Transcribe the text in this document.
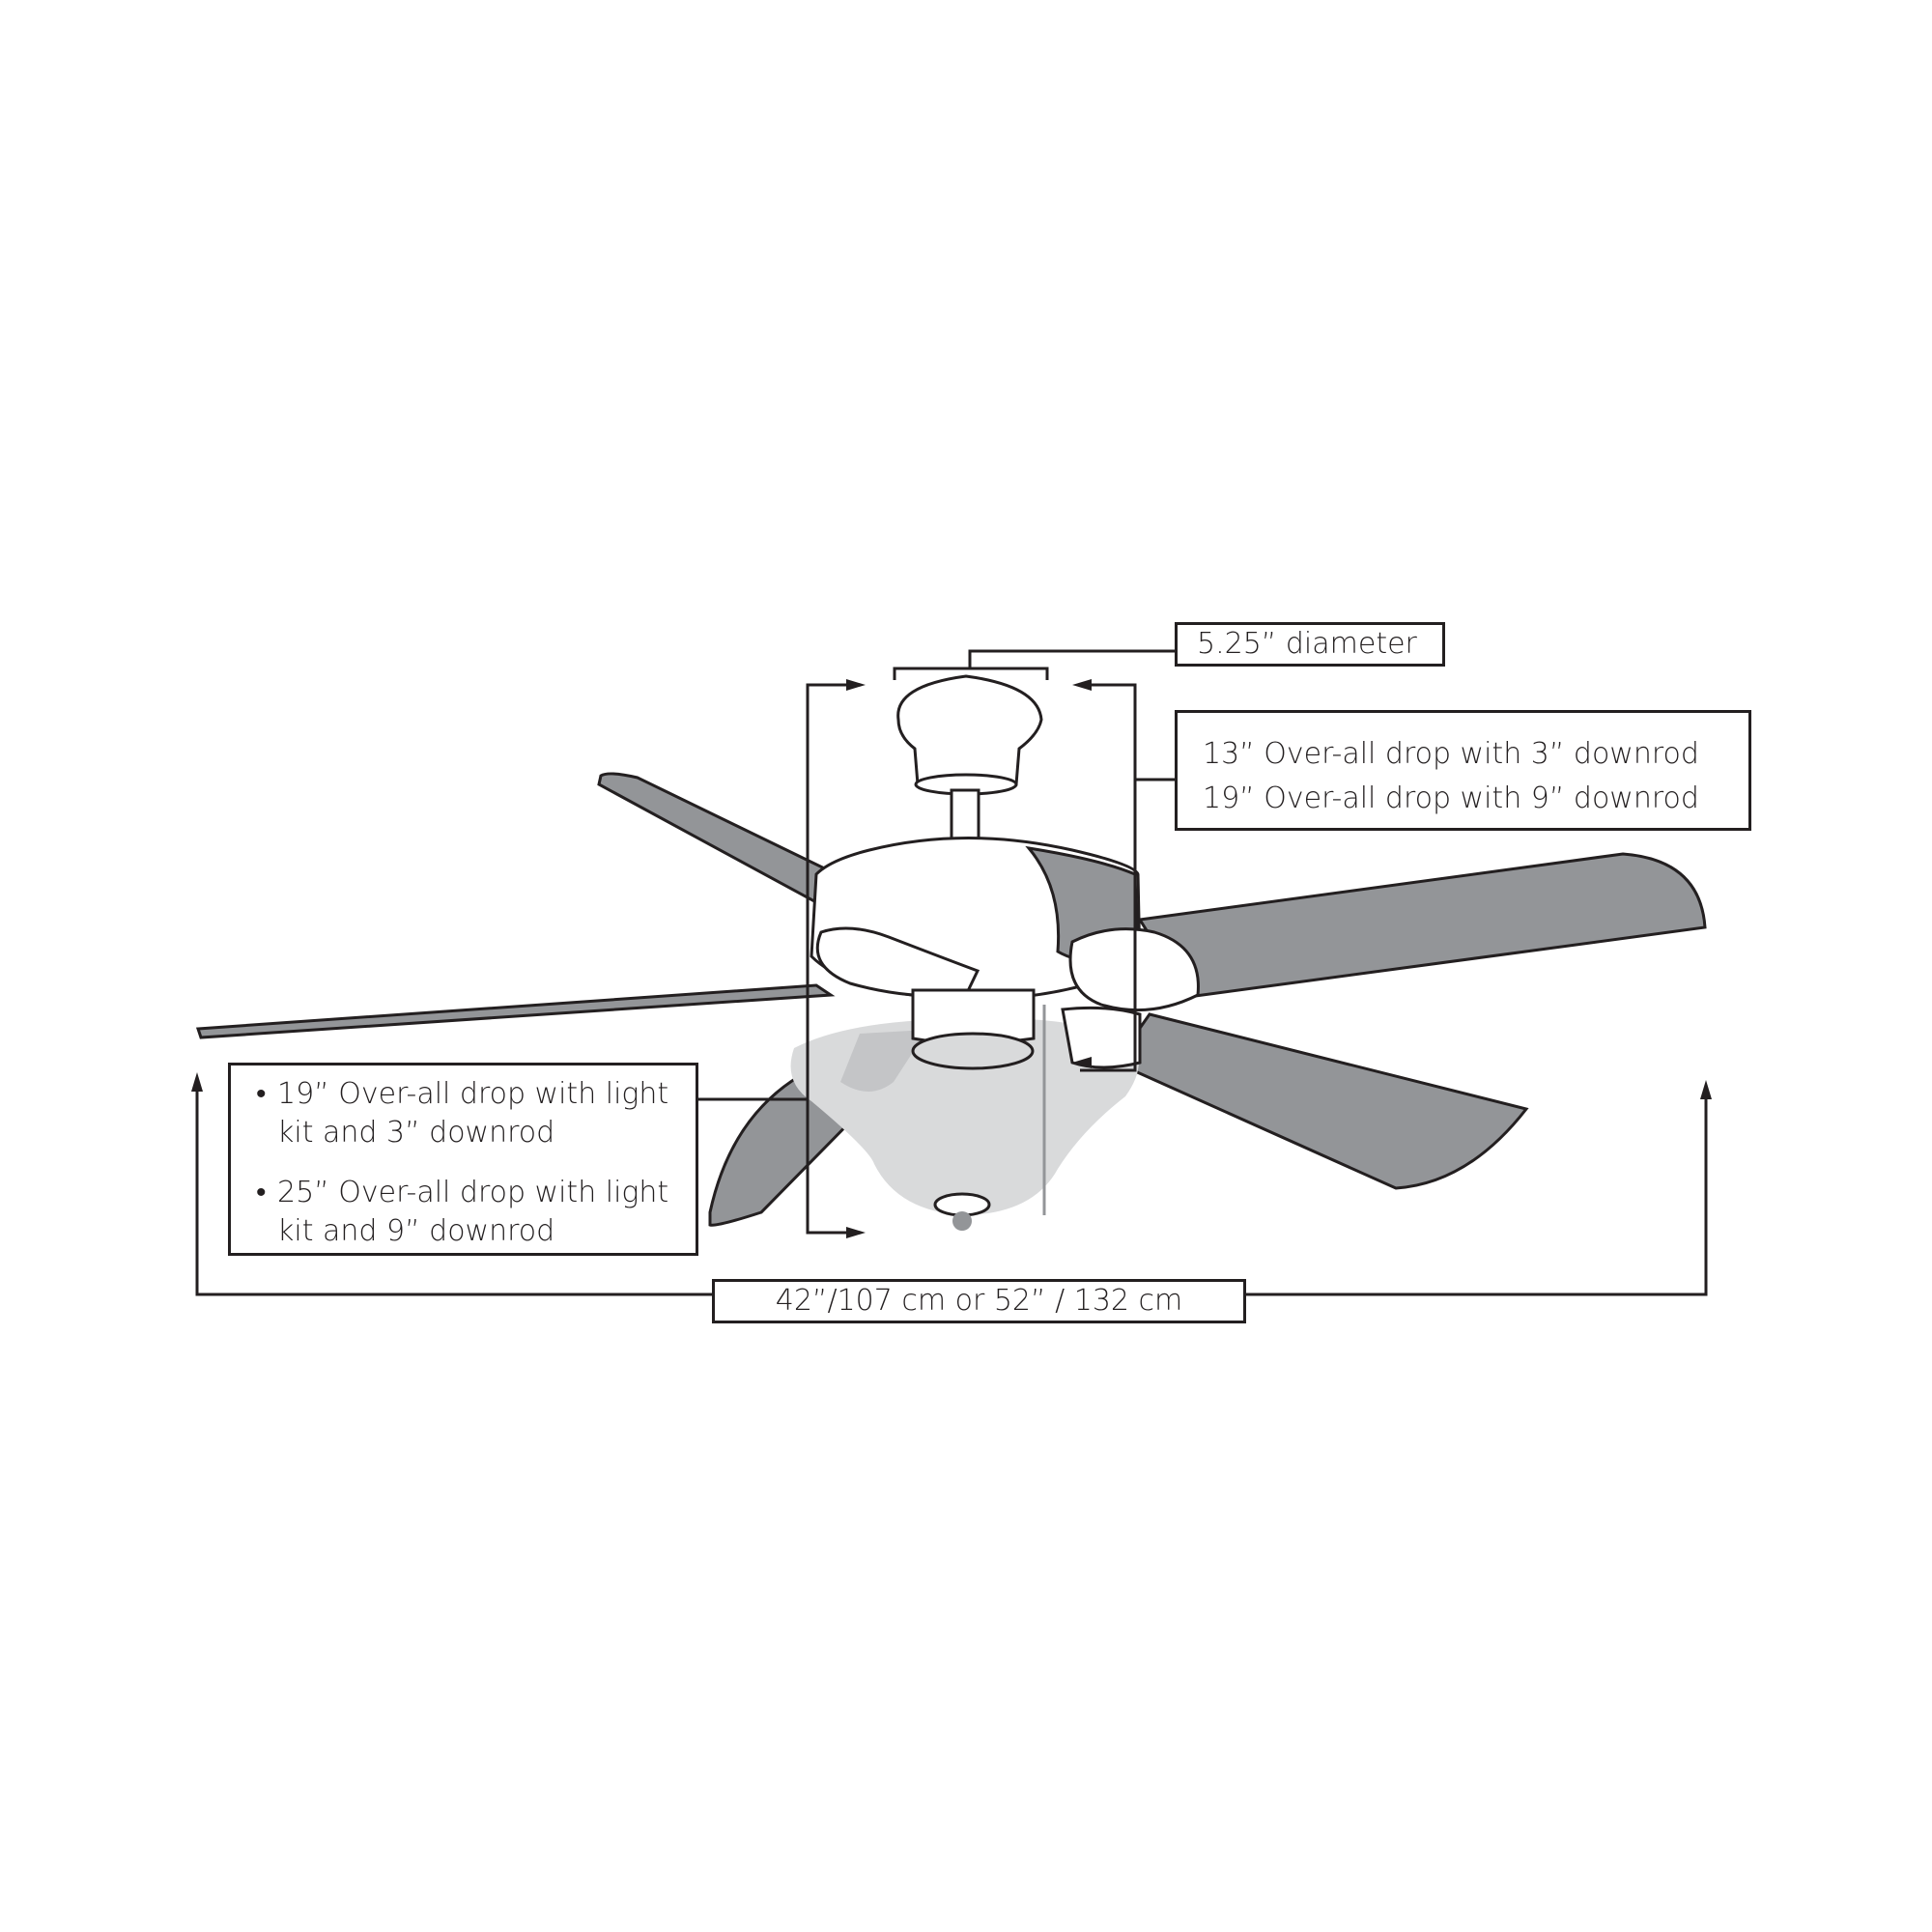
5.25” diameter
13” Over-all drop with 3” downrod
19” Over-all drop with 9” downrod
• 19” Over-all drop with light kit and 3” downrod
• 25” Over-all drop with light kit and 9” downrod
42”/107 cm or 52” / 132 cm
